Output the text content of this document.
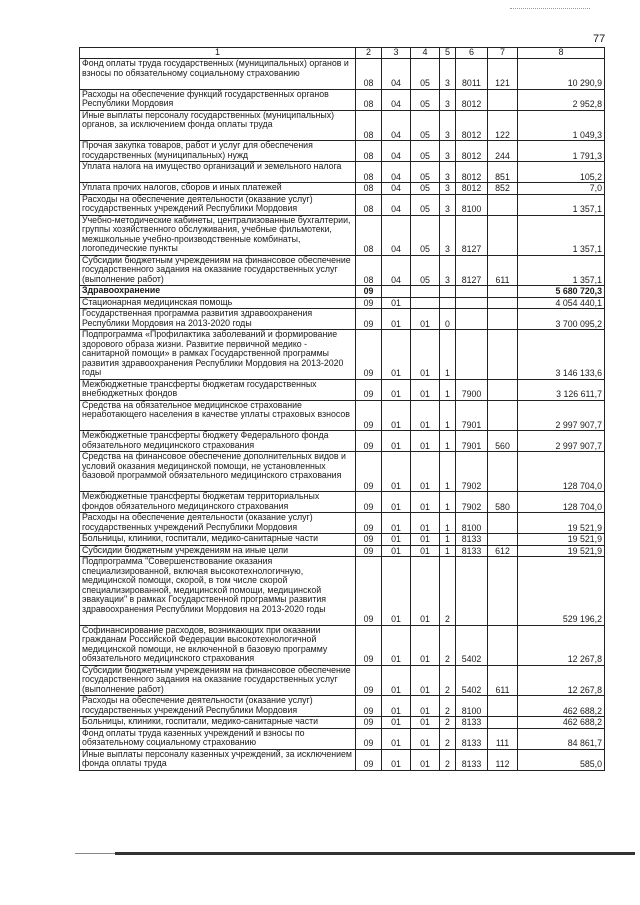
77
1	2	3	4	5	6	7	8
Фонд оплаты труда государственных (муниципальных) органов и взносы по обязательному социальному страхованию	08	04	05	3	8011	121	10 290,9
Расходы на обеспечение функций государственных органов Республики Мордовия	08	04	05	3	8012		2 952,8
Иные выплаты персоналу государственных (муниципальных) органов, за исключением фонда оплаты труда	08	04	05	3	8012	122	1 049,3
Прочая закупка товаров, работ и услуг для обеспечения государственных (муниципальных) нужд	08	04	05	3	8012	244	1 791,3
Уплата налога на имущество организаций и земельного налога	08	04	05	3	8012	851	105,2
Уплата прочих налогов, сборов и иных платежей	08	04	05	3	8012	852	7,0
Расходы на обеспечение деятельности (оказание услуг) государственных учреждений Республики Мордовия	08	04	05	3	8100		1 357,1
Учебно-методические кабинеты, централизованные бухгалтерии, группы хозяйственного обслуживания, учебные фильмотеки, межшкольные учебно-производственные комбинаты, логопедические пункты	08	04	05	3	8127		1 357,1
Субсидии бюджетным учреждениям на финансовое обеспечение государственного задания на оказание государственных услуг (выполнение работ)	08	04	05	3	8127	611	1 357,1
Здравоохранение	09						5 680 720,3
Стационарная медицинская помощь	09	01					4 054 440,1
Государственная программа развития здравоохранения Республики Мордовия на 2013-2020 годы	09	01	01	0			3 700 095,2
Подпрограмма «Профилактика заболеваний и формирование здорового образа жизни. Развитие первичной медико - санитарной помощи» в рамках Государственной программы развития здравоохранения Республики Мордовия на 2013-2020 годы	09	01	01	1			3 146 133,6
Межбюджетные трансферты бюджетам государственных внебюджетных фондов	09	01	01	1	7900		3 126 611,7
Средства на обязательное медицинское страхование неработающего населения в качестве уплаты страховых взносов	09	01	01	1	7901		2 997 907,7
Межбюджетные трансферты бюджету Федерального фонда обязательного медицинского страхования	09	01	01	1	7901	560	2 997 907,7
Средства на финансовое обеспечение дополнительных видов и условий оказания медицинской помощи, не установленных базовой программой обязательного медицинского страхования	09	01	01	1	7902		128 704,0
Межбюджетные трансферты бюджетам территориальных фондов обязательного медицинского страхования	09	01	01	1	7902	580	128 704,0
Расходы на обеспечение деятельности (оказание услуг) государственных учреждений Республики Мордовия	09	01	01	1	8100		19 521,9
Больницы, клиники, госпитали, медико-санитарные части	09	01	01	1	8133		19 521,9
Субсидии бюджетным учреждениям на иные цели	09	01	01	1	8133	612	19 521,9
Подпрограмма "Совершенствование оказания специализированной, включая высокотехнологичную, медицинской помощи, скорой, в том числе скорой специализированной, медицинской помощи, медицинской эвакуации" в рамках Государственной программы развития здравоохранения Республики Мордовия на 2013-2020 годы	09	01	01	2			529 196,2
Софинансирование расходов, возникающих при оказании гражданам Российской Федерации высокотехнологичной медицинской помощи, не включенной в базовую программу обязательного медицинского страхования	09	01	01	2	5402		12 267,8
Субсидии бюджетным учреждениям на финансовое обеспечение государственного задания на оказание государственных услуг (выполнение работ)	09	01	01	2	5402	611	12 267,8
Расходы на обеспечение деятельности (оказание услуг) государственных учреждений Республики Мордовия	09	01	01	2	8100		462 688,2
Больницы, клиники, госпитали, медико-санитарные части	09	01	01	2	8133		462 688,2
Фонд оплаты труда казенных учреждений и взносы по обязательному социальному страхованию	09	01	01	2	8133	111	84 861,7
Иные выплаты персоналу казенных учреждений, за исключением фонда оплаты труда	09	01	01	2	8133	112	585,0
